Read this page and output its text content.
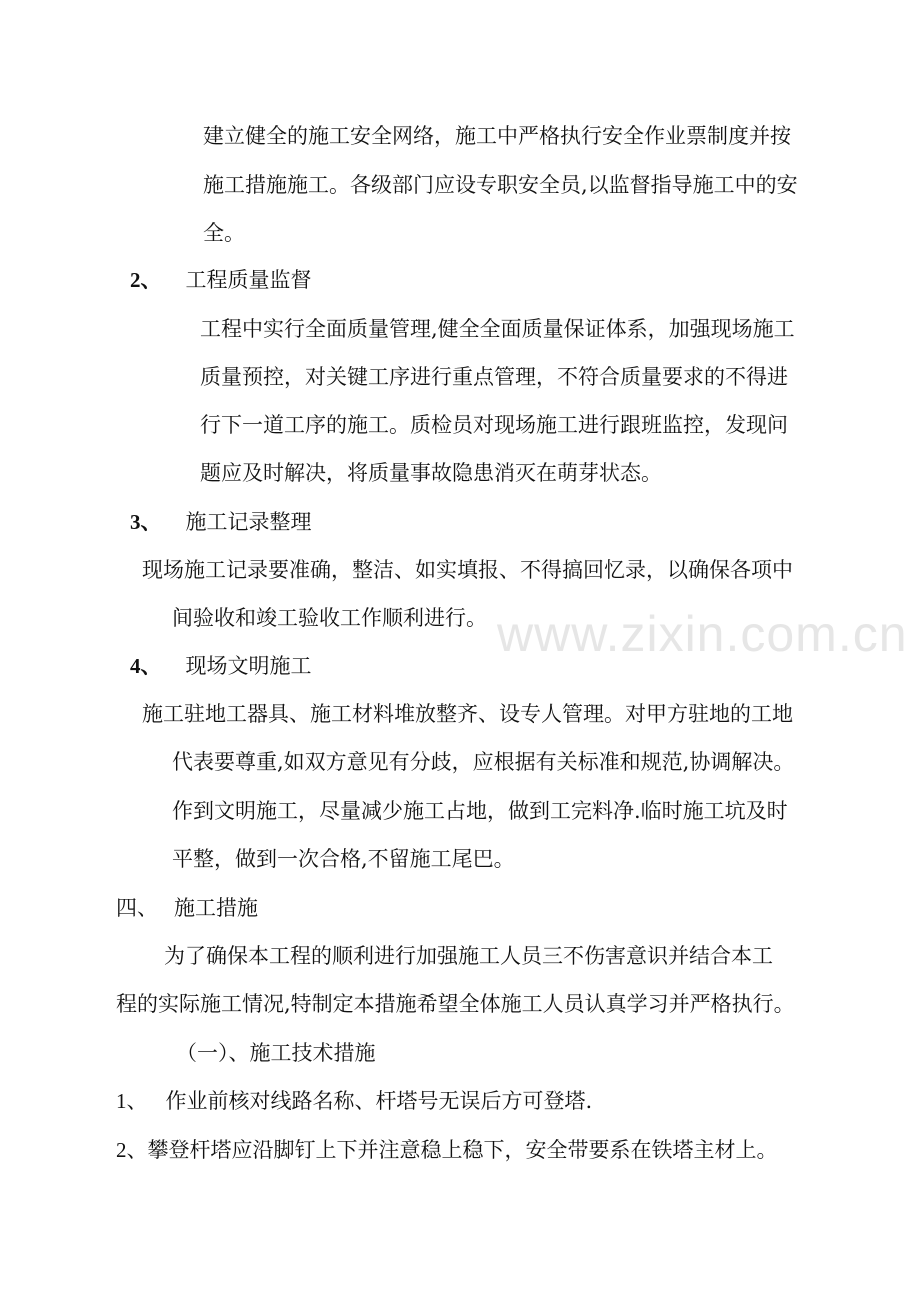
www.zixin.com.cn
建立健全的施工安全网络，施工中严格执行安全作业票制度并按
施工措施施工。各级部门应设专职安全员,以监督指导施工中的安
全。
2、 工程质量监督
工程中实行全面质量管理,健全全面质量保证体系，加强现场施工
质量预控，对关键工序进行重点管理，不符合质量要求的不得进
行下一道工序的施工。质检员对现场施工进行跟班监控，发现问
题应及时解决，将质量事故隐患消灭在萌芽状态。
3、 施工记录整理
现场施工记录要准确，整洁、如实填报、不得搞回忆录，以确保各项中
间验收和竣工验收工作顺利进行。
4、 现场文明施工
施工驻地工器具、施工材料堆放整齐、设专人管理。对甲方驻地的工地
代表要尊重,如双方意见有分歧，应根据有关标准和规范,协调解决。
作到文明施工，尽量减少施工占地，做到工完料净.临时施工坑及时
平整，做到一次合格,不留施工尾巴。
四、 施工措施
为了确保本工程的顺利进行加强施工人员三不伤害意识并结合本工
程的实际施工情况,特制定本措施希望全体施工人员认真学习并严格执行。
（一）、施工技术措施
1、 作业前核对线路名称、杆塔号无误后方可登塔.
2、攀登杆塔应沿脚钉上下并注意稳上稳下，安全带要系在铁塔主材上。
